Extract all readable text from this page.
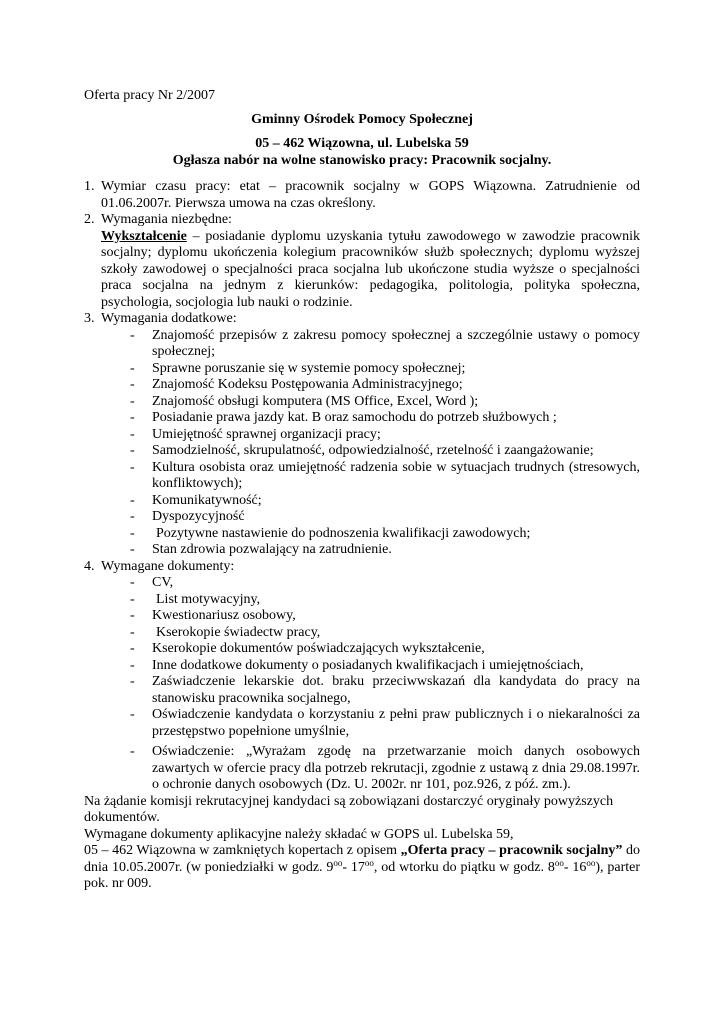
Oferta pracy Nr 2/2007

Gminny Ośrodek Pomocy Społecznej

05 – 462 Wiązowna, ul. Lubelska 59

Ogłasza nabór na wolne stanowisko pracy: Pracownik socjalny.

1. Wymiar czasu pracy: etat – pracownik socjalny w GOPS Wiązowna. Zatrudnienie od 01.06.2007r. Pierwsza umowa na czas określony.
2. Wymagania niezbędne:
Wykształcenie – posiadanie dyplomu uzyskania tytułu zawodowego w zawodzie pracownik socjalny; dyplomu ukończenia kolegium pracowników służb społecznych; dyplomu wyższej szkoły zawodowej o specjalności praca socjalna lub ukończone studia wyższe o specjalności praca socjalna na jednym z kierunków: pedagogika, politologia, polityka społeczna, psychologia, socjologia lub nauki o rodzinie.
3. Wymagania dodatkowe:
- Znajomość przepisów z zakresu pomocy społecznej a szczególnie ustawy o pomocy społecznej;
- Sprawne poruszanie się w systemie pomocy społecznej;
- Znajomość Kodeksu Postępowania Administracyjnego;
- Znajomość obsługi komputera (MS Office, Excel, Word );
- Posiadanie prawa jazdy kat. B oraz samochodu do potrzeb służbowych ;
- Umiejętność sprawnej organizacji pracy;
- Samodzielność, skrupulatność, odpowiedzialność, rzetelność i zaangażowanie;
- Kultura osobista oraz umiejętność radzenia sobie w sytuacjach trudnych (stresowych, konfliktowych);
- Komunikatywność;
- Dyspozycyjność
- Pozytywne nastawienie do podnoszenia kwalifikacji zawodowych;
- Stan zdrowia pozwalający na zatrudnienie.
4. Wymagane dokumenty:
- CV,
- List motywacyjny,
- Kwestionariusz osobowy,
- Kserokopie świadectw pracy,
- Kserokopie dokumentów poświadczających wykształcenie,
- Inne dodatkowe dokumenty o posiadanych kwalifikacjach i umiejętnościach,
- Zaświadczenie lekarskie dot. braku przeciwwskazań dla kandydata do pracy na stanowisku pracownika socjalnego,
- Oświadczenie kandydata o korzystaniu z pełni praw publicznych i o niekaralności za przestępstwo popełnione umyślnie,
- Oświadczenie: „Wyrażam zgodę na przetwarzanie moich danych osobowych zawartych w ofercie pracy dla potrzeb rekrutacji, zgodnie z ustawą z dnia 29.08.1997r. o ochronie danych osobowych (Dz. U. 2002r. nr 101, poz.926, z póź. zm.).

Na żądanie komisji rekrutacyjnej kandydaci są zobowiązani dostarczyć oryginały powyższych dokumentów.

Wymagane dokumenty aplikacyjne należy składać w GOPS ul. Lubelska 59,

05 – 462 Wiązowna w zamkniętych kopertach z opisem „Oferta pracy – pracownik socjalny” do dnia 10.05.2007r. (w poniedziałki w godz. $9^{oo}-$ $17^{oo}$, od wtorku do piątku w godz. $8^{oo}-$ $16^{oo}$), parter pok. nr 009.
